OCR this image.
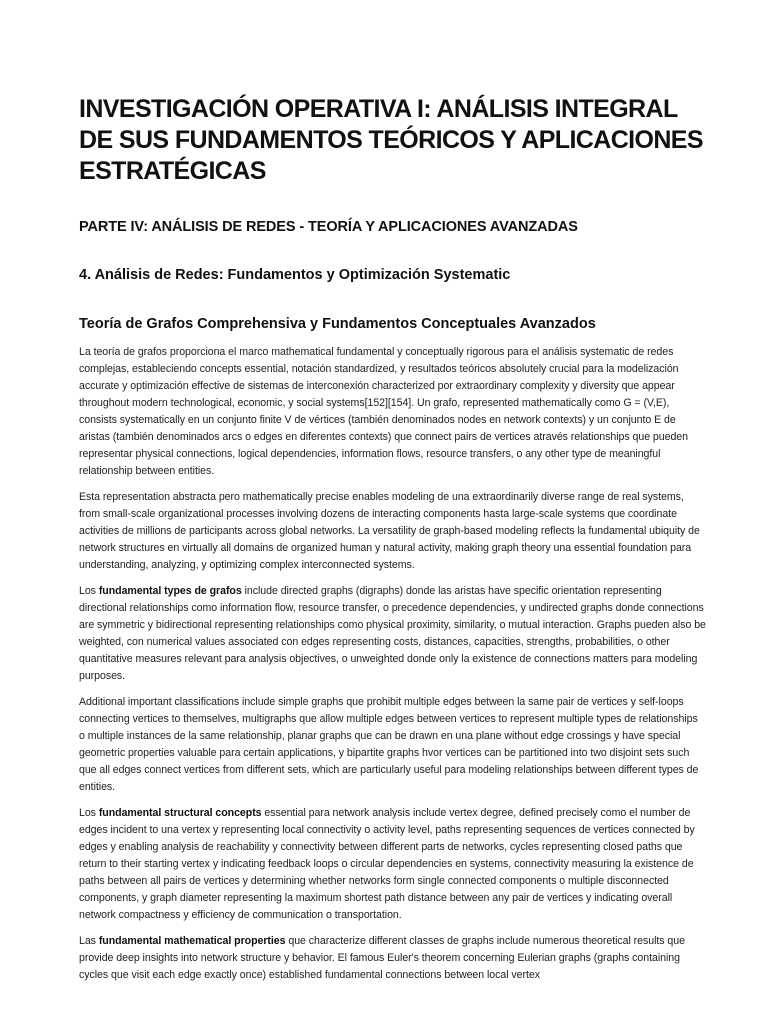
INVESTIGACIÓN OPERATIVA I: ANÁLISIS INTEGRAL DE SUS FUNDAMENTOS TEÓRICOS Y APLICACIONES ESTRATÉGICAS
PARTE IV: ANÁLISIS DE REDES - TEORÍA Y APLICACIONES AVANZADAS
4. Análisis de Redes: Fundamentos y Optimización Systematic
Teoría de Grafos Comprehensiva y Fundamentos Conceptuales Avanzados

La teoría de grafos proporciona el marco mathematical fundamental y conceptually rigorous para el análisis systematic de redes complejas, estableciendo concepts essential, notación standardized, y resultados teóricos absolutely crucial para la modelización accurate y optimización effective de sistemas de interconexión characterized por extraordinary complexity y diversity que appear throughout modern technological, economic, y social systems[152][154]. Un grafo, represented mathematically como G = (V,E), consists systematically en un conjunto finite V de vértices (también denominados nodes en network contexts) y un conjunto E de aristas (también denominados arcs o edges en diferentes contexts) que connect pairs de vertices através relationships que pueden representar physical connections, logical dependencies, information flows, resource transfers, o any other type de meaningful relationship between entities.

Esta representation abstracta pero mathematically precise enables modeling de una extraordinarily diverse range de real systems, from small-scale organizational processes involving dozens de interacting components hasta large-scale systems que coordinate activities de millions de participants across global networks. La versatility de graph-based modeling reflects la fundamental ubiquity de network structures en virtually all domains de organized human y natural activity, making graph theory una essential foundation para understanding, analyzing, y optimizing complex interconnected systems.

Los fundamental types de grafos include directed graphs (digraphs) donde las aristas have specific orientation representing directional relationships como information flow, resource transfer, o precedence dependencies, y undirected graphs donde connections are symmetric y bidirectional representing relationships como physical proximity, similarity, o mutual interaction. Graphs pueden also be weighted, con numerical values associated con edges representing costs, distances, capacities, strengths, probabilities, o other quantitative measures relevant para analysis objectives, o unweighted donde only la existence de connections matters para modeling purposes.

Additional important classifications include simple graphs que prohibit multiple edges between la same pair de vertices y self-loops connecting vertices to themselves, multigraphs que allow multiple edges between vertices to represent multiple types de relationships o multiple instances de la same relationship, planar graphs que can be drawn en una plane without edge crossings y have special geometric properties valuable para certain applications, y bipartite graphs hvor vertices can be partitioned into two disjoint sets such que all edges connect vertices from different sets, which are particularly useful para modeling relationships between different types de entities.

Los fundamental structural concepts essential para network analysis include vertex degree, defined precisely como el number de edges incident to una vertex y representing local connectivity o activity level, paths representing sequences de vertices connected by edges y enabling analysis de reachability y connectivity between different parts de networks, cycles representing closed paths que return to their starting vertex y indicating feedback loops o circular dependencies en systems, connectivity measuring la existence de paths between all pairs de vertices y determining whether networks form single connected components o multiple disconnected components, y graph diameter representing la maximum shortest path distance between any pair de vertices y indicating overall network compactness y efficiency de communication o transportation.

Las fundamental mathematical properties que characterize different classes de graphs include numerous theoretical results que provide deep insights into network structure y behavior. El famous Euler's theorem concerning Eulerian graphs (graphs containing cycles que visit each edge exactly once) established fundamental connections between local vertex
